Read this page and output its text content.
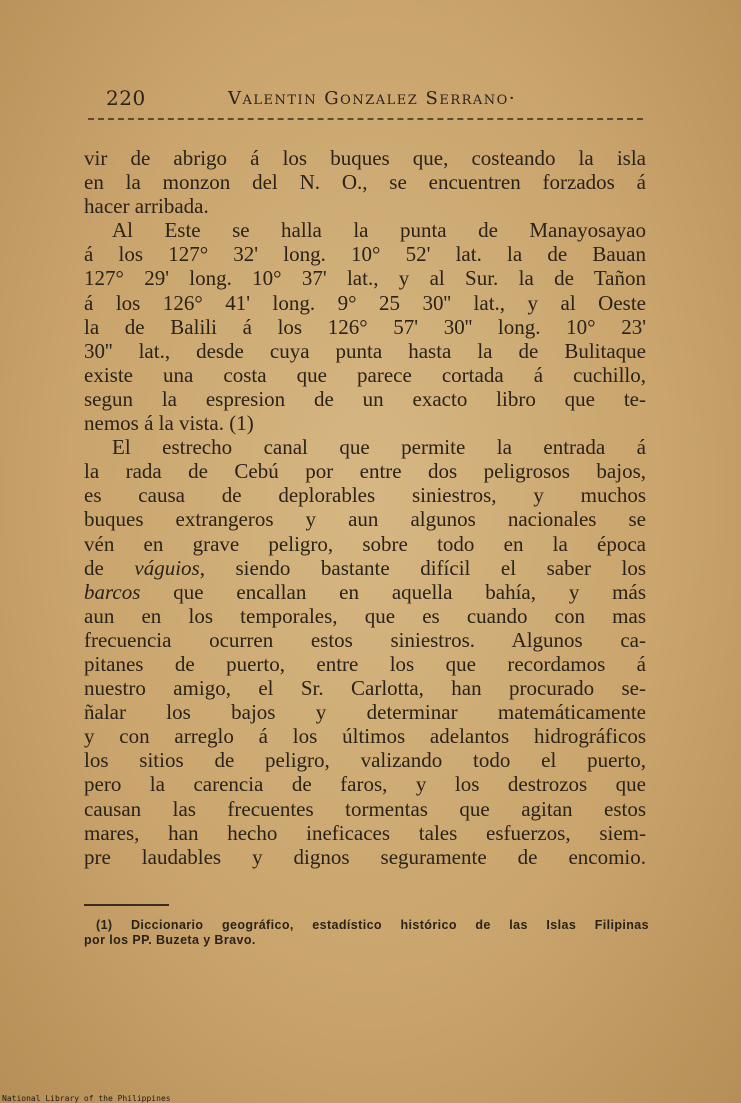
220	Valentin Gonzalez Serrano·
vir de abrigo á los buques que, costeando la isla
en la monzon del N. O., se encuentren forzados á
hacer arribada.
Al Este se halla la punta de Manayosayao
á los 127° 32' long. 10° 52' lat. la de Bauan
127° 29' long. 10° 37' lat., y al Sur. la de Tañon
á los 126° 41' long. 9° 25 30'' lat., y al Oeste
la de Balili á los 126° 57' 30'' long. 10° 23'
30'' lat., desde cuya punta hasta la de Bulitaque
existe una costa que parece cortada á cuchillo,
segun la espresion de un exacto libro que te-
nemos á la vista. (1)
El estrecho canal que permite la entrada á
la rada de Cebú por entre dos peligrosos bajos,
es causa de deplorables siniestros, y muchos
buques extrangeros y aun algunos nacionales se
vén en grave peligro, sobre todo en la época
de váguios, siendo bastante difícil el saber los
barcos que encallan en aquella bahía, y más
aun en los temporales, que es cuando con mas
frecuencia ocurren estos siniestros. Algunos ca-
pitanes de puerto, entre los que recordamos á
nuestro amigo, el Sr. Carlotta, han procurado se-
ñalar los bajos y determinar matemáticamente
y con arreglo á los últimos adelantos hidrográficos
los sitios de peligro, valizando todo el puerto,
pero la carencia de faros, y los destrozos que
causan las frecuentes tormentas que agitan estos
mares, han hecho ineficaces tales esfuerzos, siem-
pre laudables y dignos seguramente de encomio.
(1) Diccionario geográfico, estadístico histórico de las Islas Filipinas
por los PP. Buzeta y Bravo.
National Library of the Philippines
